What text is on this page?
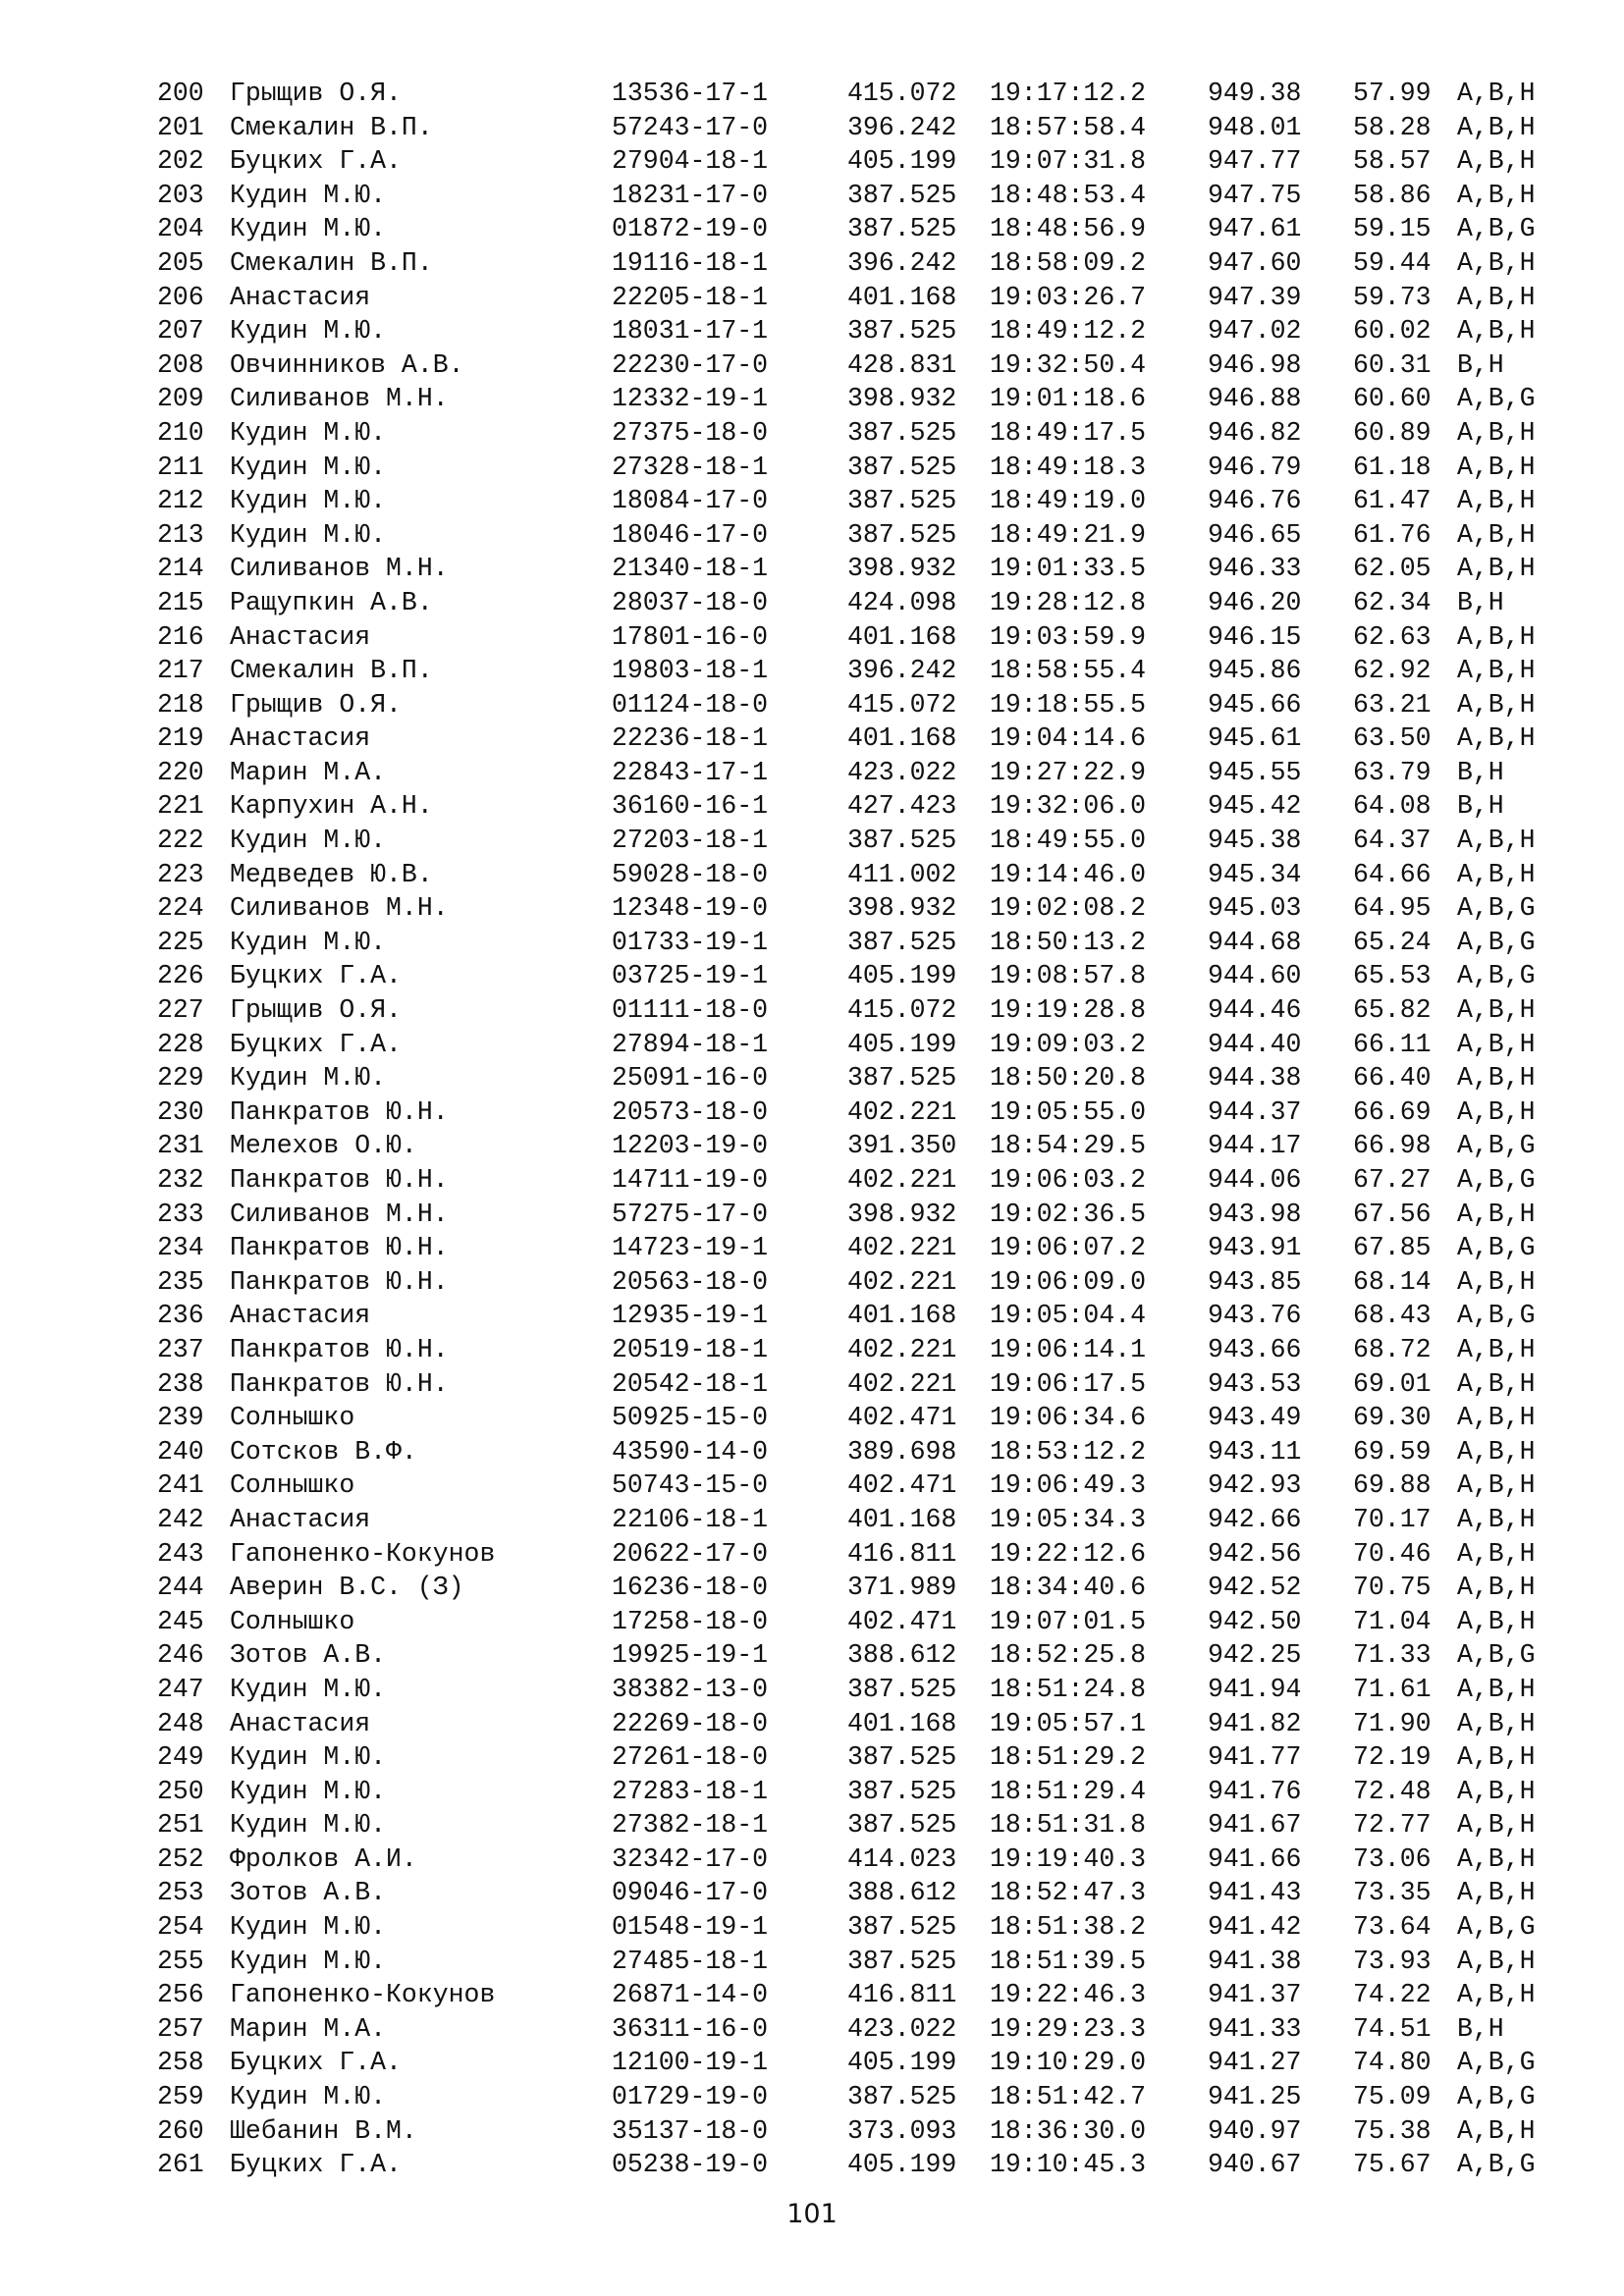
200 Грыщив О.Я.	13536-17-1	415.072 19:17:12.2 949.38 57.99 A,B,H
201 Смекалин В.П.	57243-17-0	396.242 18:57:58.4 948.01 58.28 A,B,H
202 Буцких Г.А.	27904-18-1	405.199 19:07:31.8 947.77 58.57 A,B,H
203 Кудин М.Ю.	18231-17-0	387.525 18:48:53.4 947.75 58.86 A,B,H
204 Кудин М.Ю.	01872-19-0	387.525 18:48:56.9 947.61 59.15 A,B,G
205 Смекалин В.П.	19116-18-1	396.242 18:58:09.2 947.60 59.44 A,B,H
206 Анастасия	22205-18-1	401.168 19:03:26.7 947.39 59.73 A,B,H
207 Кудин М.Ю.	18031-17-1	387.525 18:49:12.2 947.02 60.02 A,B,H
208 Овчинников А.В.	22230-17-0	428.831 19:32:50.4 946.98 60.31 B,H
209 Силиванов М.Н.	12332-19-1	398.932 19:01:18.6 946.88 60.60 A,B,G
210 Кудин М.Ю.	27375-18-0	387.525 18:49:17.5 946.82 60.89 A,B,H
211 Кудин М.Ю.	27328-18-1	387.525 18:49:18.3 946.79 61.18 A,B,H
212 Кудин М.Ю.	18084-17-0	387.525 18:49:19.0 946.76 61.47 A,B,H
213 Кудин М.Ю.	18046-17-0	387.525 18:49:21.9 946.65 61.76 A,B,H
214 Силиванов М.Н.	21340-18-1	398.932 19:01:33.5 946.33 62.05 A,B,H
215 Ращупкин А.В.	28037-18-0	424.098 19:28:12.8 946.20 62.34 B,H
216 Анастасия	17801-16-0	401.168 19:03:59.9 946.15 62.63 A,B,H
217 Смекалин В.П.	19803-18-1	396.242 18:58:55.4 945.86 62.92 A,B,H
218 Грыщив О.Я.	01124-18-0	415.072 19:18:55.5 945.66 63.21 A,B,H
219 Анастасия	22236-18-1	401.168 19:04:14.6 945.61 63.50 A,B,H
220 Марин М.А.	22843-17-1	423.022 19:27:22.9 945.55 63.79 B,H
221 Карпухин А.Н.	36160-16-1	427.423 19:32:06.0 945.42 64.08 B,H
222 Кудин М.Ю.	27203-18-1	387.525 18:49:55.0 945.38 64.37 A,B,H
223 Медведев Ю.В.	59028-18-0	411.002 19:14:46.0 945.34 64.66 A,B,H
224 Силиванов М.Н.	12348-19-0	398.932 19:02:08.2 945.03 64.95 A,B,G
225 Кудин М.Ю.	01733-19-1	387.525 18:50:13.2 944.68 65.24 A,B,G
226 Буцких Г.А.	03725-19-1	405.199 19:08:57.8 944.60 65.53 A,B,G
227 Грыщив О.Я.	01111-18-0	415.072 19:19:28.8 944.46 65.82 A,B,H
228 Буцких Г.А.	27894-18-1	405.199 19:09:03.2 944.40 66.11 A,B,H
229 Кудин М.Ю.	25091-16-0	387.525 18:50:20.8 944.38 66.40 A,B,H
230 Панкратов Ю.Н.	20573-18-0	402.221 19:05:55.0 944.37 66.69 A,B,H
231 Мелехов О.Ю.	12203-19-0	391.350 18:54:29.5 944.17 66.98 A,B,G
232 Панкратов Ю.Н.	14711-19-0	402.221 19:06:03.2 944.06 67.27 A,B,G
233 Силиванов М.Н.	57275-17-0	398.932 19:02:36.5 943.98 67.56 A,B,H
234 Панкратов Ю.Н.	14723-19-1	402.221 19:06:07.2 943.91 67.85 A,B,G
235 Панкратов Ю.Н.	20563-18-0	402.221 19:06:09.0 943.85 68.14 A,B,H
236 Анастасия	12935-19-1	401.168 19:05:04.4 943.76 68.43 A,B,G
237 Панкратов Ю.Н.	20519-18-1	402.221 19:06:14.1 943.66 68.72 A,B,H
238 Панкратов Ю.Н.	20542-18-1	402.221 19:06:17.5 943.53 69.01 A,B,H
239 Солнышко	50925-15-0	402.471 19:06:34.6 943.49 69.30 A,B,H
240 Сотсков В.Ф.	43590-14-0	389.698 18:53:12.2 943.11 69.59 A,B,H
241 Солнышко	50743-15-0	402.471 19:06:49.3 942.93 69.88 A,B,H
242 Анастасия	22106-18-1	401.168 19:05:34.3 942.66 70.17 A,B,H
243 Гапоненко-Кокунов	20622-17-0	416.811 19:22:12.6 942.56 70.46 A,B,H
244 Аверин В.С. (З)	16236-18-0	371.989 18:34:40.6 942.52 70.75 A,B,H
245 Солнышко	17258-18-0	402.471 19:07:01.5 942.50 71.04 A,B,H
246 Зотов А.В.	19925-19-1	388.612 18:52:25.8 942.25 71.33 A,B,G
247 Кудин М.Ю.	38382-13-0	387.525 18:51:24.8 941.94 71.61 A,B,H
248 Анастасия	22269-18-0	401.168 19:05:57.1 941.82 71.90 A,B,H
249 Кудин М.Ю.	27261-18-0	387.525 18:51:29.2 941.77 72.19 A,B,H
250 Кудин М.Ю.	27283-18-1	387.525 18:51:29.4 941.76 72.48 A,B,H
251 Кудин М.Ю.	27382-18-1	387.525 18:51:31.8 941.67 72.77 A,B,H
252 Фролков А.И.	32342-17-0	414.023 19:19:40.3 941.66 73.06 A,B,H
253 Зотов А.В.	09046-17-0	388.612 18:52:47.3 941.43 73.35 A,B,H
254 Кудин М.Ю.	01548-19-1	387.525 18:51:38.2 941.42 73.64 A,B,G
255 Кудин М.Ю.	27485-18-1	387.525 18:51:39.5 941.38 73.93 A,B,H
256 Гапоненко-Кокунов	26871-14-0	416.811 19:22:46.3 941.37 74.22 A,B,H
257 Марин М.А.	36311-16-0	423.022 19:29:23.3 941.33 74.51 B,H
258 Буцких Г.А.	12100-19-1	405.199 19:10:29.0 941.27 74.80 A,B,G
259 Кудин М.Ю.	01729-19-0	387.525 18:51:42.7 941.25 75.09 A,B,G
260 Шебанин В.М.	35137-18-0	373.093 18:36:30.0 940.97 75.38 A,B,H
261 Буцких Г.А.	05238-19-0	405.199 19:10:45.3 940.67 75.67 A,B,G
101
